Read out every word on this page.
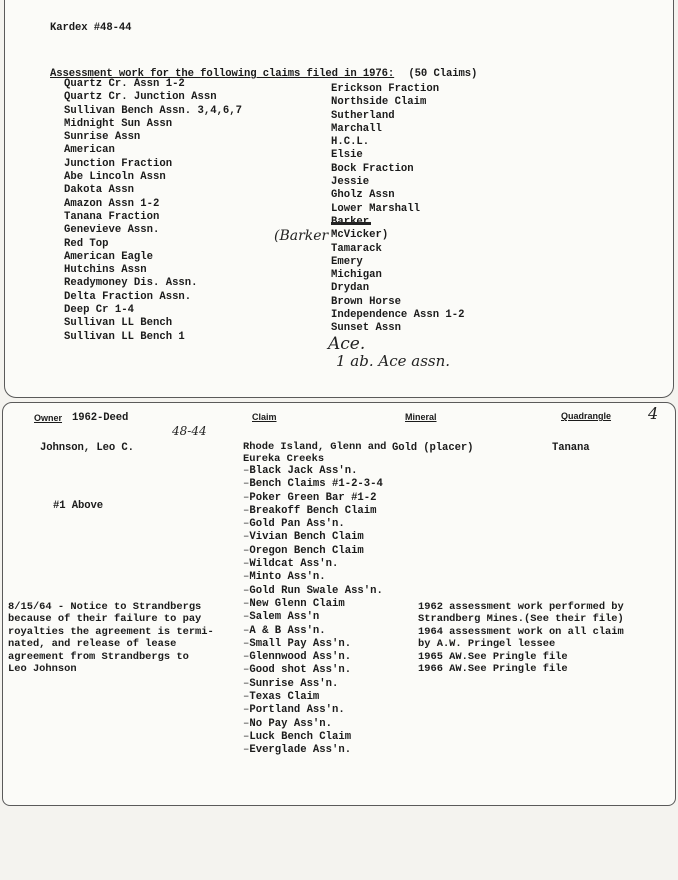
Kardex #48-44
Assessment work for the following claims filed in 1976: (50 Claims)
Quartz Cr. Assn 1-2
Quartz Cr. Junction Assn
Sullivan Bench Assn. 3,4,6,7
Midnight Sun Assn
Sunrise Assn
American
Junction Fraction
Abe Lincoln Assn
Dakota Assn
Amazon Assn 1-2
Tanana Fraction
Genevieve Assn.
Red Top
American Eagle
Hutchins Assn
Readymoney Dis. Assn.
Delta Fraction Assn.
Deep Cr 1-4
Sullivan LL Bench
Sullivan LL Bench 1
Erickson Fraction
Northside Claim
Sutherland
Marchall
H.C.L.
Elsie
Bock Fraction
Jessie
Gholz Assn
Lower Marshall
McVicker)
Tamarack
Emery
Michigan
Drydan
Brown Horse
Independence Assn 1-2
Sunset Assn
(Barker
Ace.
1 ab. Ace assn.
Owner 1962-Deed	Claim	Mineral	Quadrangle 4
48-44
Johnson, Leo C.	Rhode Island, Glenn and Eureka Creeks
Gold (placer)	Tanana
#1 Above
–Black Jack Ass'n.
–Bench Claims #1-2-3-4
–Poker Green Bar #1-2
–Breakoff Bench Claim
–Gold Pan Ass'n.
–Vivian Bench Claim
–Oregon Bench Claim
–Wildcat Ass'n.
–Minto Ass'n.
–Gold Run Swale Ass'n.
–New Glenn Claim
–Salem Ass'n
–A & B Ass'n.
–Small Pay Ass'n.
–Glennwood Ass'n.
–Good shot Ass'n.
–Sunrise Ass'n.
–Texas Claim
–Portland Ass'n.
–No Pay Ass'n.
–Luck Bench Claim
–Everglade Ass'n.
8/15/64 - Notice to Strandbergs
because of their failure to pay
royalties the agreement is termi-
nated, and release of lease
agreement from Strandbergs to
Leo Johnson
1962 assessment work performed by
Strandberg Mines.(See their file)
1964 assessment work on all claim
by A.W. Pringel lessee
1965 AW.See Pringle file
1966 AW.See Pringle file
